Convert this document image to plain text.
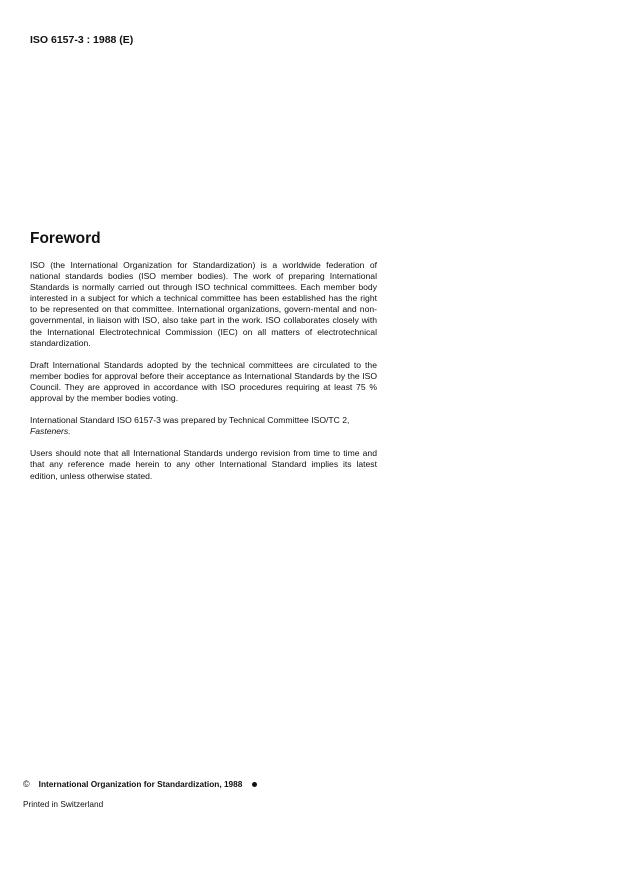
ISO 6157-3 : 1988 (E)
Foreword

ISO (the International Organization for Standardization) is a worldwide federation of national standards bodies (ISO member bodies). The work of preparing International Standards is normally carried out through ISO technical committees. Each member body interested in a subject for which a technical committee has been established has the right to be represented on that committee. International organizations, govern-mental and non-governmental, in liaison with ISO, also take part in the work. ISO collaborates closely with the International Electrotechnical Commission (IEC) on all matters of electrotechnical standardization.

Draft International Standards adopted by the technical committees are circulated to the member bodies for approval before their acceptance as International Standards by the ISO Council. They are approved in accordance with ISO procedures requiring at least 75 % approval by the member bodies voting.

International Standard ISO 6157-3 was prepared by Technical Committee ISO/TC 2,
Fasteners.

Users should note that all International Standards undergo revision from time to time and that any reference made herein to any other International Standard implies its latest edition, unless otherwise stated.

© International Organization for Standardization, 1988
Printed in Switzerland
